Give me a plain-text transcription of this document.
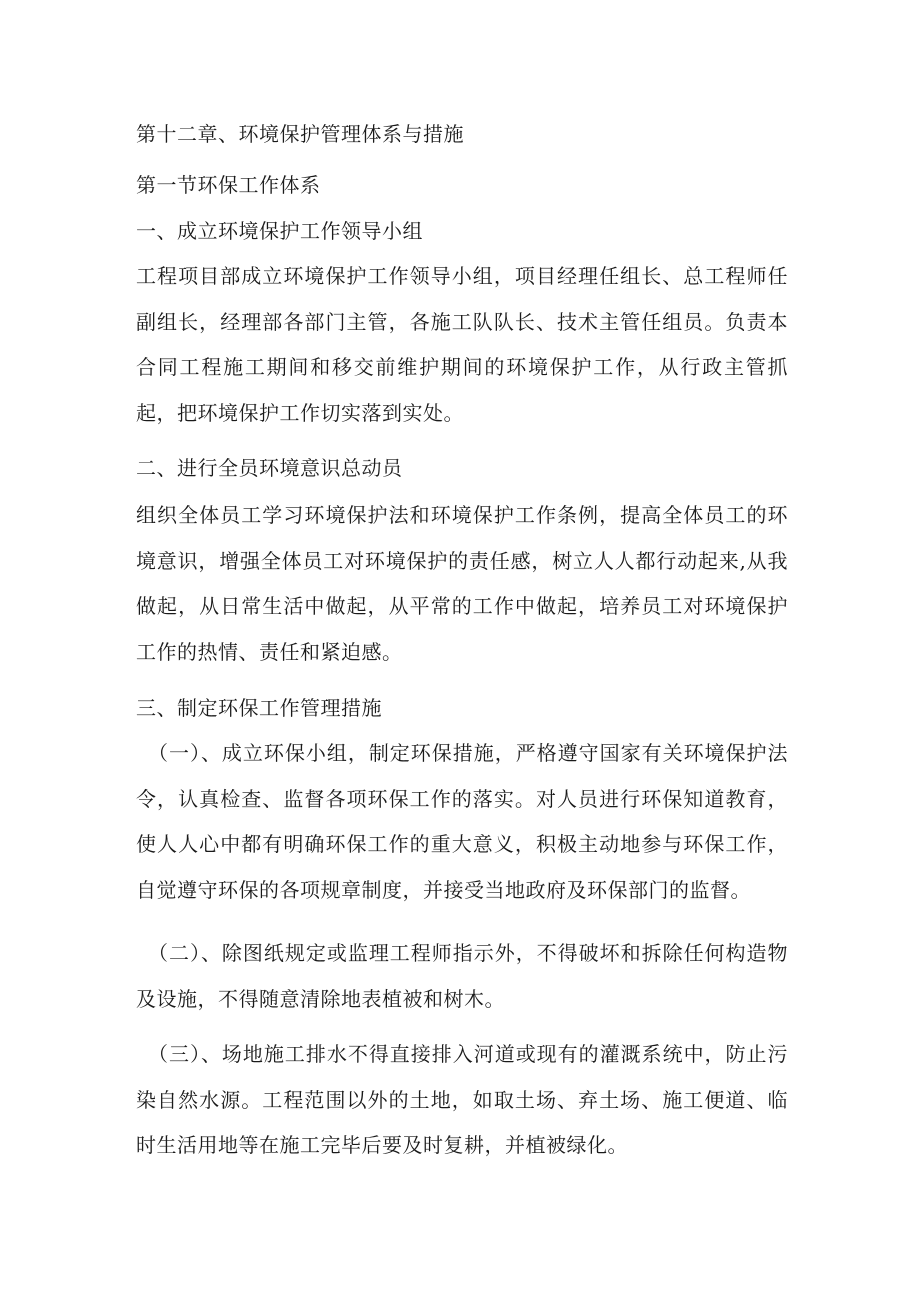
第十二章、环境保护管理体系与措施
第一节环保工作体系
一、成立环境保护工作领导小组
工程项目部成立环境保护工作领导小组，项目经理任组长、总工程师任副组长，经理部各部门主管，各施工队队长、技术主管任组员。负责本合同工程施工期间和移交前维护期间的环境保护工作，从行政主管抓起，把环境保护工作切实落到实处。
二、进行全员环境意识总动员
组织全体员工学习环境保护法和环境保护工作条例，提高全体员工的环境意识，增强全体员工对环境保护的责任感，树立人人都行动起来,从我做起，从日常生活中做起，从平常的工作中做起，培养员工对环境保护工作的热情、责任和紧迫感。
三、制定环保工作管理措施
（一）、成立环保小组，制定环保措施，严格遵守国家有关环境保护法令，认真检查、监督各项环保工作的落实。对人员进行环保知道教育，使人人心中都有明确环保工作的重大意义，积极主动地参与环保工作，自觉遵守环保的各项规章制度，并接受当地政府及环保部门的监督。
（二）、除图纸规定或监理工程师指示外，不得破坏和拆除任何构造物及设施，不得随意清除地表植被和树木。
（三）、场地施工排水不得直接排入河道或现有的灌溉系统中，防止污染自然水源。工程范围以外的土地，如取土场、弃土场、施工便道、临时生活用地等在施工完毕后要及时复耕，并植被绿化。
